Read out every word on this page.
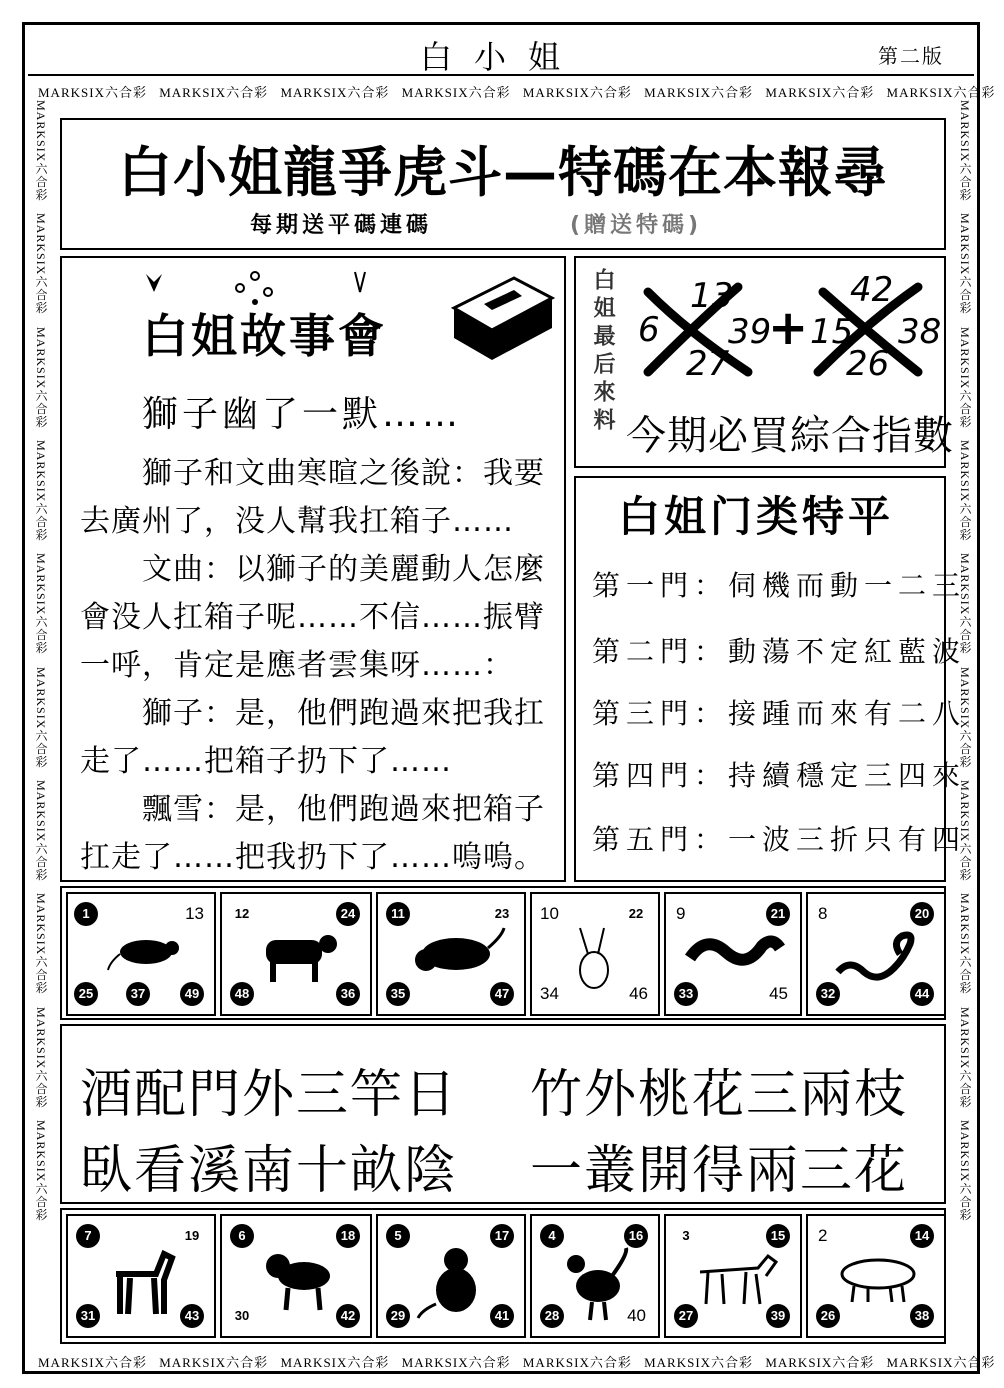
白小姐	第二版
MARKSIX六合彩 MARKSIX六合彩 MARKSIX六合彩 MARKSIX六合彩 MARKSIX六合彩 MARKSIX六合彩 MARKSIX六合彩 MARKSIX六合彩
MARKSIX六合彩 MARKSIX六合彩 MARKSIX六合彩 MARKSIX六合彩 MARKSIX六合彩 MARKSIX六合彩 MARKSIX六合彩 MARKSIX六合彩
MARKSIX六合彩 MARKSIX六合彩 MARKSIX六合彩 MARKSIX六合彩 MARKSIX六合彩 MARKSIX六合彩 MARKSIX六合彩 MARKSIX六合彩 MARKSIX六合彩 MARKSIX六合彩
MARKSIX六合彩 MARKSIX六合彩 MARKSIX六合彩 MARKSIX六合彩 MARKSIX六合彩 MARKSIX六合彩 MARKSIX六合彩 MARKSIX六合彩 MARKSIX六合彩 MARKSIX六合彩
白小姐龍爭虎斗—特碼在本報尋
每期送平碼連碼	(贈送特碼)
白姐故事會
獅子幽了一默……
獅子和文曲寒暄之後說：我要
去廣州了，没人幫我扛箱子……
文曲：以獅子的美麗動人怎麼
會没人扛箱子呢……不信……振臂
一呼，肯定是應者雲集呀……：
獅子：是，他們跑過來把我扛
走了……把箱子扔下了……
飄雪：是，他們跑過來把箱子
扛走了……把我扔下了……嗚嗚。
白姐最后來料 6
13
39
27
+ 15
42
38
26
今期必買綜合指數
白姐门类特平
第一門：伺機而動一二三
第二門：動蕩不定紅藍波
第三門：接踵而來有二八
第四門：持續穩定三四來
第五門：一波三折只有四
1	13
25	37	49
12	24
48	36
11	23
35	47
10	22
34	46
9	21
33	45
8	20
32	44
酒配門外三竿日 竹外桃花三兩枝
臥看溪南十畝陰 一叢開得兩三花
7	19
31	43
6	18
30	42
5	17
29	41
4	16
28	40
3	15
27	39
2	14
26	38
